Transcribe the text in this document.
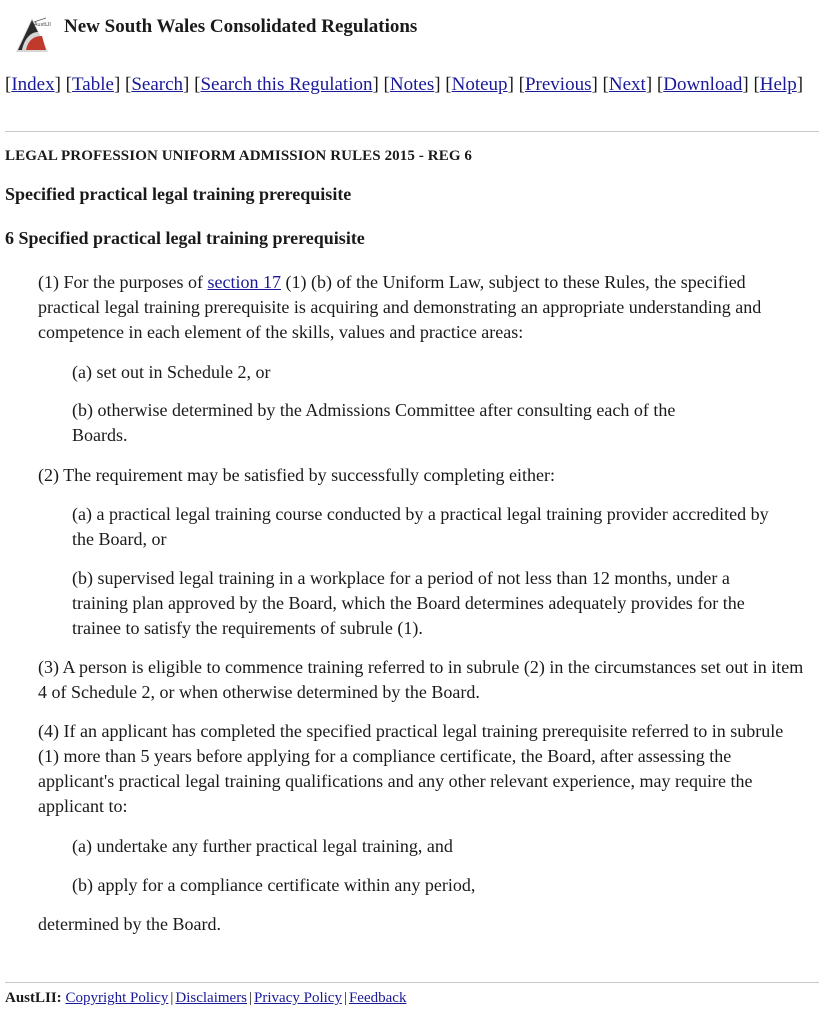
AustLII New South Wales Consolidated Regulations
[Index] [Table] [Search] [Search this Regulation] [Notes] [Noteup] [Previous] [Next] [Download] [Help]
LEGAL PROFESSION UNIFORM ADMISSION RULES 2015 - REG 6
Specified practical legal training prerequisite
6 Specified practical legal training prerequisite
(1) For the purposes of section 17 (1) (b) of the Uniform Law, subject to these Rules, the specified practical legal training prerequisite is acquiring and demonstrating an appropriate understanding and competence in each element of the skills, values and practice areas:
(a) set out in Schedule 2, or
(b) otherwise determined by the Admissions Committee after consulting each of the Boards.
(2) The requirement may be satisfied by successfully completing either:
(a) a practical legal training course conducted by a practical legal training provider accredited by the Board, or
(b) supervised legal training in a workplace for a period of not less than 12 months, under a training plan approved by the Board, which the Board determines adequately provides for the trainee to satisfy the requirements of subrule (1).
(3) A person is eligible to commence training referred to in subrule (2) in the circumstances set out in item 4 of Schedule 2, or when otherwise determined by the Board.
(4) If an applicant has completed the specified practical legal training prerequisite referred to in subrule (1) more than 5 years before applying for a compliance certificate, the Board, after assessing the applicant's practical legal training qualifications and any other relevant experience, may require the applicant to:
(a) undertake any further practical legal training, and
(b) apply for a compliance certificate within any period,
determined by the Board.
AustLII: Copyright Policy | Disclaimers | Privacy Policy | Feedback
